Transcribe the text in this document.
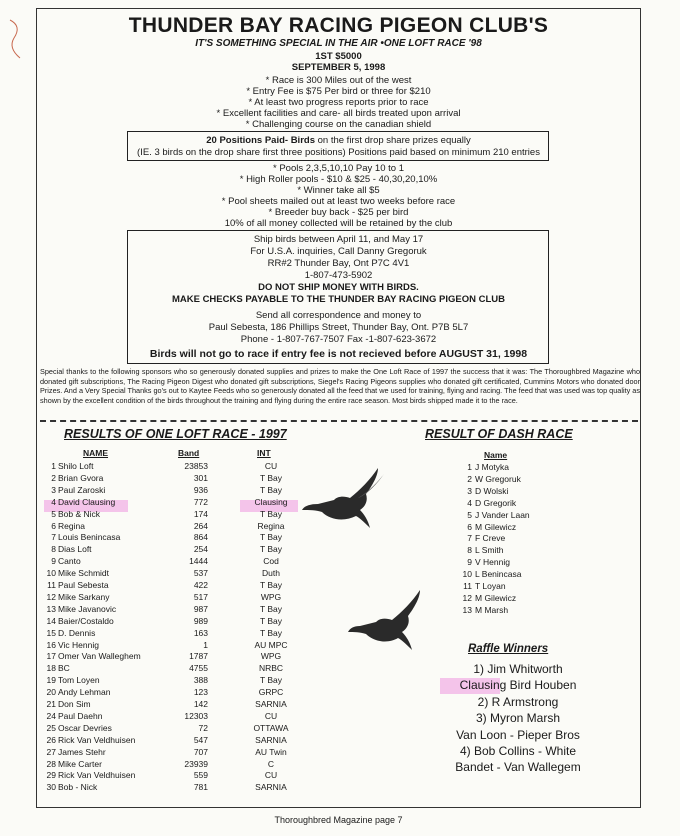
THUNDER BAY RACING PIGEON CLUB'S
IT'S SOMETHING SPECIAL IN THE AIR •ONE LOFT RACE '98
1ST $5000
SEPTEMBER 5, 1998
* Race is 300 Miles out of the west
* Entry Fee is $75 Per bird or three for $210
* At least two progress reports prior to race
* Excellent facilities and care- all birds treated upon arrival
* Challenging course on the canadian shield
20 Positions Paid- Birds on the first drop share prizes equally
(IE. 3 birds on the drop share first three positions) Positions paid based on minimum 210 entries
* Pools 2,3,5,10,10 Pay 10 to 1
* High Roller pools - $10 & $25 - 40,30,20,10%
* Winner take all $5
* Pool sheets mailed out at least two weeks before race
* Breeder buy back - $25 per bird
10% of all money collected will be retained by the club
Ship birds between April 11, and May 17
For U.S.A. inquiries, Call Danny Gregoruk
RR#2 Thunder Bay, Ont P7C 4V1
1-807-473-5902
DO NOT SHIP MONEY WITH BIRDS.
MAKE CHECKS PAYABLE TO THE THUNDER BAY RACING PIGEON CLUB
Send all correspondence and money to
Paul Sebesta, 186 Phillips Street, Thunder Bay, Ont. P7B 5L7
Phone - 1-807-767-7507 Fax -1-807-623-3672
Birds will not go to race if entry fee is not recieved before AUGUST 31, 1998
Special thanks to the following sponsors who so generously donated supplies and prizes to make the One Loft Race of 1997 the success that it was: The Thoroughbred Magazine who donated gift subscriptions, The Racing Pigeon Digest who donated gift subscriptions, Siegel's Racing Pigeons supplies who donated gift certificated, Cummins Motors who donated door Prizes. And a Very Special Thanks go's out to Kaytee Feeds who so generously donated all the feed that we used for training, flying and racing. The feed that was used was top quality as shown by the excellent condition of the birds throughout the training and flying during the entire race season. Most birds shipped made it to the race.
RESULTS OF ONE LOFT RACE - 1997
NAME	Band	INT
1 Shilo Loft	23853	CU
2 Brian Gvora	301	T Bay
3 Paul Zaroski	936	T Bay
4 David Clausing	772	Clausing
5 Bob & Nick	174	T Bay
6 Regina	264	Regina
7 Louis Benincasa	864	T Bay
8 Dias Loft	254	T Bay
9 Canto	1444	Cod
10 Mike Schmidt	537	Duth
11 Paul Sebesta	422	T Bay
12 Mike Sarkany	517	WPG
13 Mike Javanovic	987	T Bay
14 Baier/Costaldo	989	T Bay
15 D. Dennis	163	T Bay
16 Vic Hennig	1	AU MPC
17 Omer Van Walleghem	1787	WPG
18 BC	4755	NRBC
19 Tom Loyen	388	T Bay
20 Andy Lehman	123	GRPC
21 Don Sim	142	SARNIA
24 Paul Daehn	12303	CU
25 Oscar Devries	72	OTTAWA
26 Rick Van Veldhuisen	547	SARNIA
27 James Stehr	707	AU Twin
28 Mike Carter	23939	C
29 Rick Van Veldhuisen	559	CU
30 Bob - Nick	781	SARNIA
RESULT OF DASH RACE
Name
1 J Motyka
2 W Gregoruk
3 D Wolski
4 D Gregorik
5 J Vander Laan
6 M Gilewicz
7 F Creve
8 L Smith
9 V Hennig
10 L Benincasa
11 T Loyan
12 M Gilewicz
13 M Marsh
Raffle Winners
1) Jim Whitworth
Clausing Bird Houben
2) R Armstrong
3) Myron Marsh
Van Loon - Pieper Bros
4) Bob Collins - White
Bandet - Van Wallegem
Thoroughbred Magazine page 7
